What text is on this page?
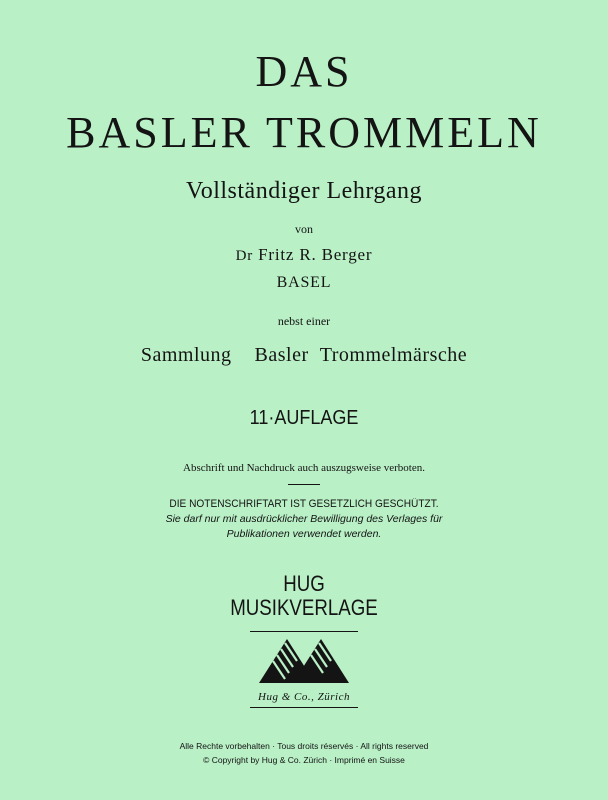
DAS
BASLER TROMMELN
Vollständiger Lehrgang
von
Dr Fritz R. Berger
BASEL
nebst einer
Sammlung  Basler Trommelmärsche
11·AUFLAGE
Abschrift und Nachdruck auch auszugsweise verboten.
DIE NOTENSCHRIFTART IST GESETZLICH GESCHÜTZT.
Sie darf nur mit ausdrücklicher Bewilligung des Verlages für
Publikationen verwendet werden.
HUG
MUSIKVERLAGE
Hug & Co., Zürich
Alle Rechte vorbehalten · Tous droits réservés · All rights reserved
© Copyright by Hug & Co. Zürich · Imprimé en Suisse
